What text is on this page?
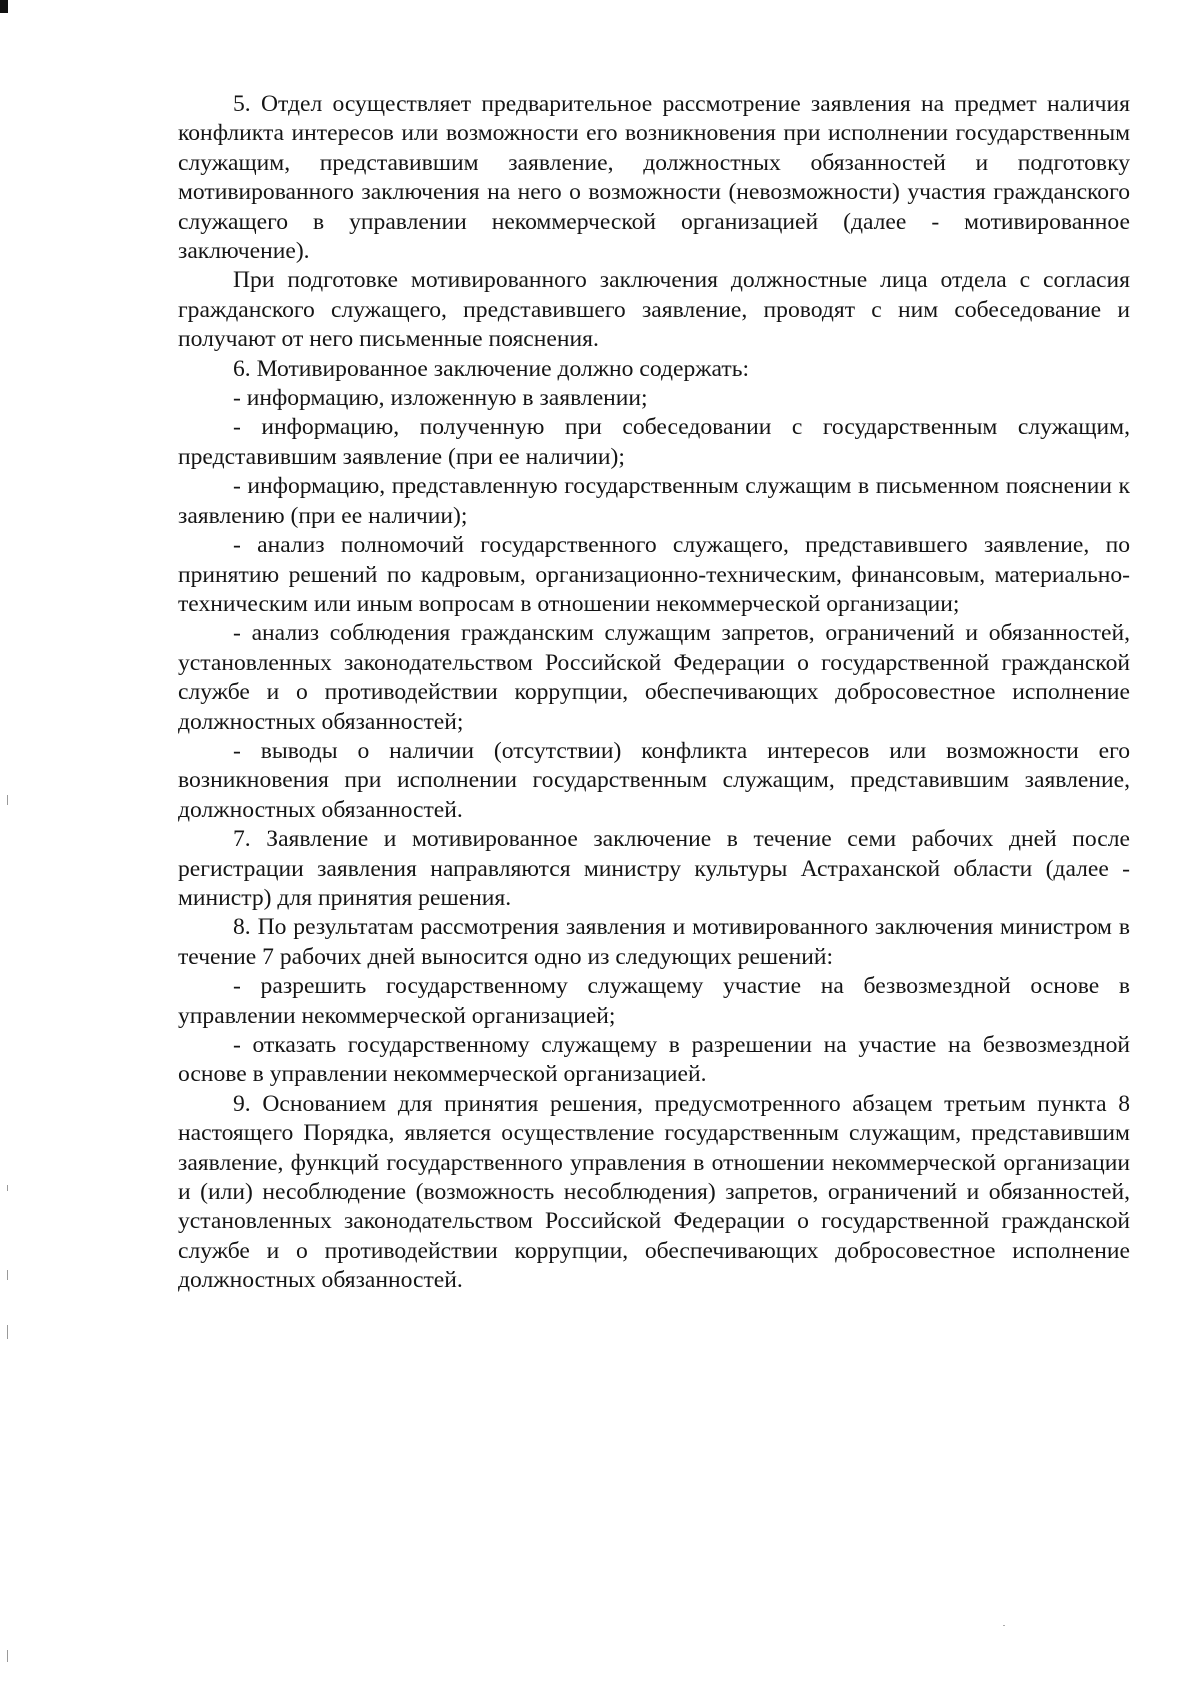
5. Отдел осуществляет предварительное рассмотрение заявления на предмет наличия конфликта интересов или возможности его возникновения при исполнении государственным служащим, представившим заявление, должностных обязанностей и подготовку мотивированного заключения на него о возможности (невозможности) участия гражданского служащего в управлении некоммерческой организацией (далее - мотивированное заключение).

При подготовке мотивированного заключения должностные лица отдела с согласия гражданского служащего, представившего заявление, проводят с ним собеседование и получают от него письменные пояснения.

6. Мотивированное заключение должно содержать:

- информацию, изложенную в заявлении;

- информацию, полученную при собеседовании с государственным служащим, представившим заявление (при ее наличии);

- информацию, представленную государственным служащим в письменном пояснении к заявлению (при ее наличии);

- анализ полномочий государственного служащего, представившего заявление, по принятию решений по кадровым, организационно-техническим, финансовым, материально-техническим или иным вопросам в отношении некоммерческой организации;

- анализ соблюдения гражданским служащим запретов, ограничений и обязанностей, установленных законодательством Российской Федерации о государственной гражданской службе и о противодействии коррупции, обеспечивающих добросовестное исполнение должностных обязанностей;

- выводы о наличии (отсутствии) конфликта интересов или возможности его возникновения при исполнении государственным служащим, представившим заявление, должностных обязанностей.

7. Заявление и мотивированное заключение в течение семи рабочих дней после регистрации заявления направляются министру культуры Астраханской области (далее - министр) для принятия решения.

8. По результатам рассмотрения заявления и мотивированного заключения министром в течение 7 рабочих дней выносится одно из следующих решений:

- разрешить государственному служащему участие на безвозмездной основе в управлении некоммерческой организацией;

- отказать государственному служащему в разрешении на участие на безвозмездной основе в управлении некоммерческой организацией.

9. Основанием для принятия решения, предусмотренного абзацем третьим пункта 8 настоящего Порядка, является осуществление государственным служащим, представившим заявление, функций государственного управления в отношении некоммерческой организации и (или) несоблюдение (возможность несоблюдения) запретов, ограничений и обязанностей, установленных законодательством Российской Федерации о государственной гражданской службе и о противодействии коррупции, обеспечивающих добросовестное исполнение должностных обязанностей.
